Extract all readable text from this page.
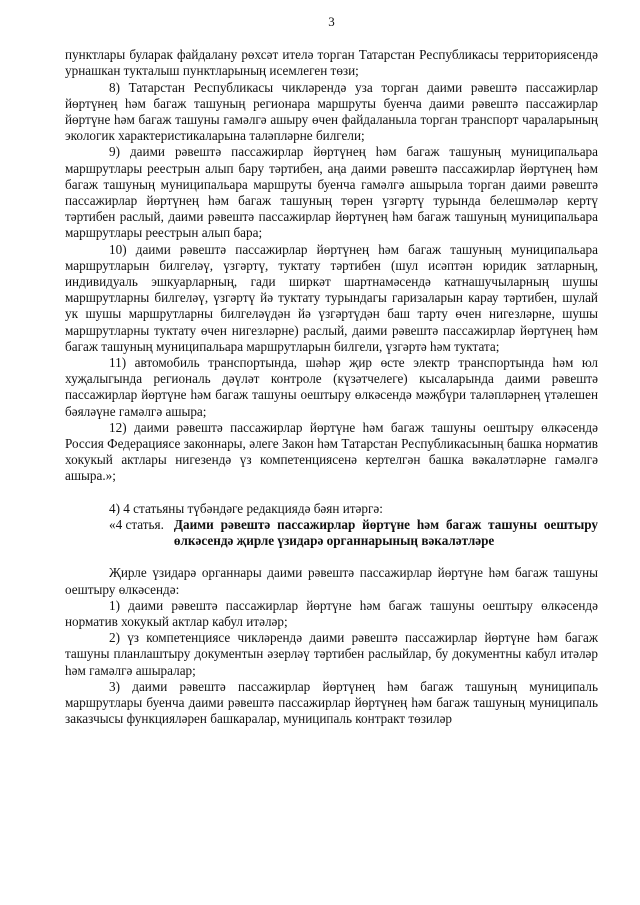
3

пунктлары буларак файдалану рөхсәт ителә торган Татарстан Республикасы территориясендә урнашкан тукталыш пунктларының исемлеген төзи;

8) Татарстан Республикасы чикләрендә уза торган даими рәвештә пассажирлар йөртүнең һәм багаж ташуның регионара маршруты буенча даими рәвештә пассажирлар йөртүне һәм багаж ташуны гамәлгә ашыру өчен файдаланыла торган транспорт чараларының экологик характеристикаларына таләпләрне билгели;

9) даими рәвештә пассажирлар йөртүнең һәм багаж ташуның муниципальара маршрутлары реестрын алып бару тәртибен, аңа даими рәвештә пассажирлар йөртүнең һәм багаж ташуның муниципальара маршруты буенча гамәлгә ашырыла торган даими рәвештә пассажирлар йөртүнең һәм багаж ташуның төрен үзгәртү турында белешмәләр кертү тәртибен раслый, даими рәвештә пассажирлар йөртүнең һәм багаж ташуның муниципальара маршрутлары реестрын алып бара;

10) даими рәвештә пассажирлар йөртүнең һәм багаж ташуның муниципальара маршрутларын билгеләү, үзгәртү, туктату тәртибен (шул исәптән юридик затларның, индивидуаль эшкуарларның, гади ширкәт шартнамәсендә катнашучыларның шушы маршрутларны билгеләү, үзгәртү йә туктату турындагы гаризаларын карау тәртибен, шулай ук шушы маршрутларны билгеләүдән йә үзгәртүдән баш тарту өчен нигезләрне, шушы маршрутларны туктату өчен нигезләрне) раслый, даими рәвештә пассажирлар йөртүнең һәм багаж ташуның муниципальара маршрутларын билгели, үзгәртә һәм туктата;

11) автомобиль транспортында, шәһәр җир өсте электр транспортында һәм юл хуҗалыгында региональ дәүләт контроле (күзәтчелеге) кысаларында даими рәвештә пассажирлар йөртүне һәм багаж ташуны оештыру өлкәсендә мәҗбүри таләпләрнең үтәлешен бәяләүне гамәлгә ашыра;

12) даими рәвештә пассажирлар йөртүне һәм багаж ташуны оештыру өлкәсендә Россия Федерациясе законнары, әлеге Закон һәм Татарстан Республикасының башка норматив хокукый актлары нигезендә үз компетенциясенә кертелгән башка вәкаләтләрне гамәлгә ашыра.»;

4) 4 статьяны түбәндәге редакциядә бәян итәргә:

«4 статья. Даими рәвештә пассажирлар йөртүне һәм багаж ташуны оештыру өлкәсендә җирле үзидарә органнарының вәкаләтләре

Җирле үзидарә органнары даими рәвештә пассажирлар йөртүне һәм багаж ташуны оештыру өлкәсендә:

1) даими рәвештә пассажирлар йөртүне һәм багаж ташуны оештыру өлкәсендә норматив хокукый актлар кабул итәләр;

2) үз компетенциясе чикләрендә даими рәвештә пассажирлар йөртүне һәм багаж ташуны планлаштыру документын әзерләү тәртибен раслыйлар, бу документны кабул итәләр һәм гамәлгә ашыралар;

3) даими рәвештә пассажирлар йөртүнең һәм багаж ташуның муниципаль маршрутлары буенча даими рәвештә пассажирлар йөртүнең һәм багаж ташуның муниципаль заказчысы функцияләрен башкаралар, муниципаль контракт төзиләр
